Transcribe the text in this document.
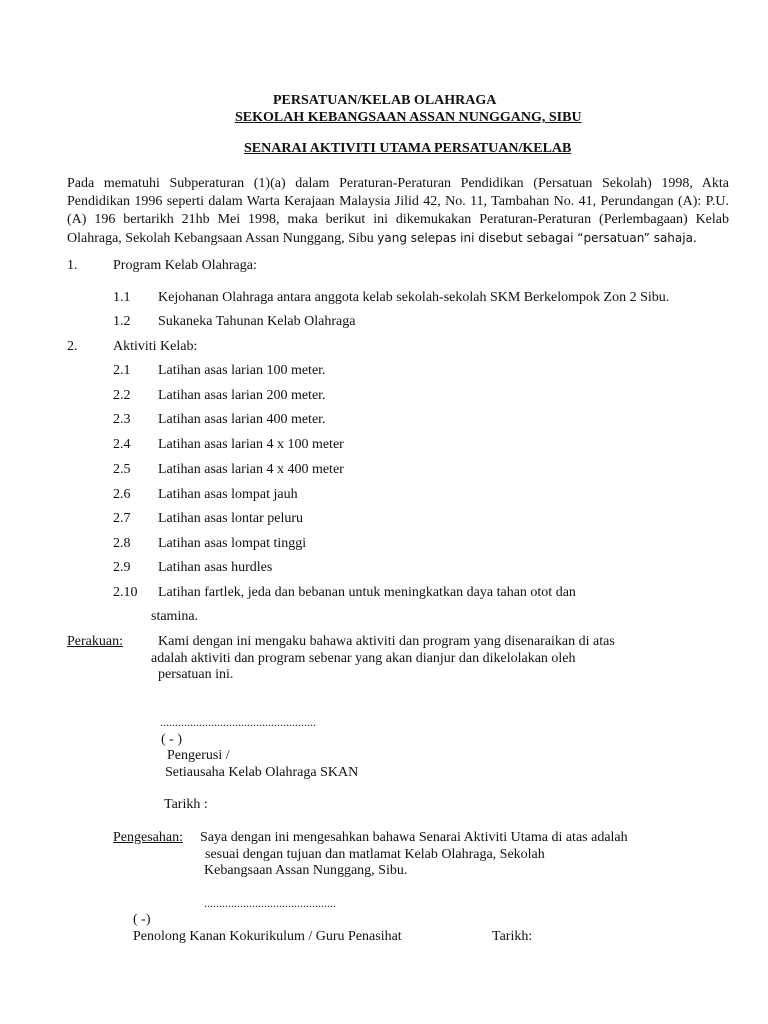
PERSATUAN/KELAB OLAHRAGA
SEKOLAH KEBANGSAAN ASSAN NUNGGANG, SIBU
SENARAI AKTIVITI UTAMA PERSATUAN/KELAB
Pada mematuhi Subperaturan (1)(a) dalam Peraturan-Peraturan Pendidikan (Persatuan Sekolah) 1998, Akta Pendidikan 1996 seperti dalam Warta Kerajaan Malaysia Jilid 42, No. 11, Tambahan No. 41, Perundangan (A): P.U. (A) 196 bertarikh 21hb Mei 1998, maka berikut ini dikemukakan Peraturan-Peraturan (Perlembagaan) Kelab Olahraga, Sekolah Kebangsaan Assan Nunggang, Sibu yang selepas ini disebut sebagai “persatuan” sahaja.
1.	Program Kelab Olahraga:
1.1 Kejohanan Olahraga antara anggota kelab sekolah-sekolah SKM Berkelompok Zon 2 Sibu.
1.2 Sukaneka Tahunan Kelab Olahraga
2.	Aktiviti Kelab:
2.1 Latihan asas larian 100 meter.
2.2 Latihan asas larian 200 meter.
2.3 Latihan asas larian 400 meter.
2.4 Latihan asas larian 4 x 100 meter
2.5 Latihan asas larian 4 x 400 meter
2.6 Latihan asas lompat jauh
2.7 Latihan asas lontar peluru
2.8 Latihan asas lompat tinggi
2.9 Latihan asas hurdles
2.10 Latihan fartlek, jeda dan bebanan untuk meningkatkan daya tahan otot dan
stamina.
Perakuan:	Kami dengan ini mengaku bahawa aktiviti dan program yang disenaraikan di atas
adalah aktiviti dan program sebenar yang akan dianjur dan dikelolakan oleh
persatuan ini.
....................................................
( - )
Pengerusi /
Setiausaha Kelab Olahraga SKAN
Tarikh :
Pengesahan: Saya dengan ini mengesahkan bahawa Senarai Aktiviti Utama di atas adalah
sesuai dengan tujuan dan matlamat Kelab Olahraga, Sekolah
Kebangsaan Assan Nunggang, Sibu.
............................................
( -)
Penolong Kanan Kokurikulum / Guru Penasihat	Tarikh:
